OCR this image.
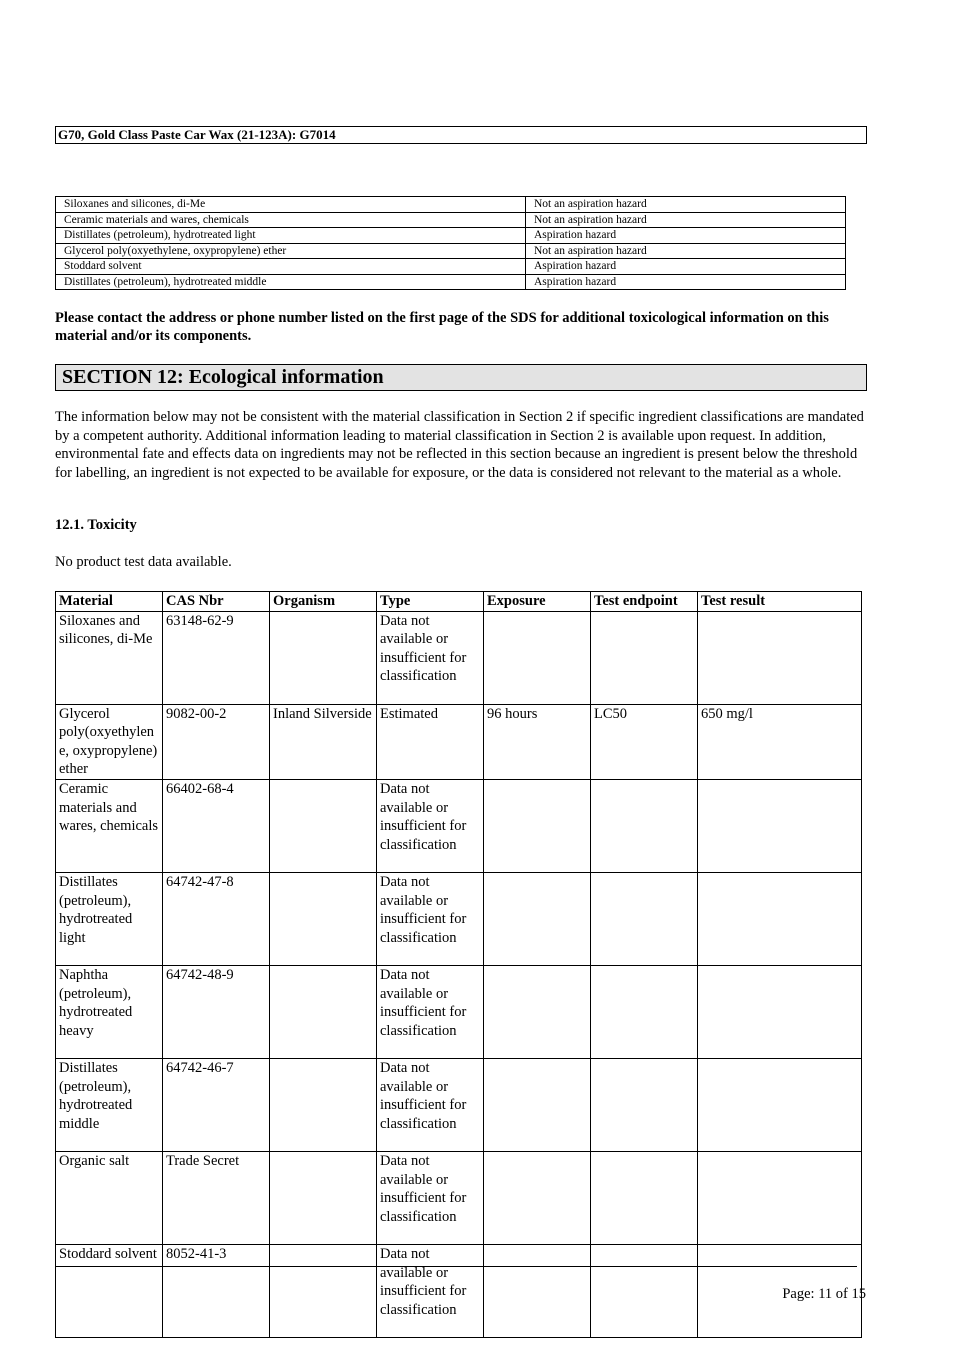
G70, Gold Class Paste Car Wax (21-123A): G7014
Siloxanes and silicones, di-Me	Not an aspiration hazard
Ceramic materials and wares, chemicals	Not an aspiration hazard
Distillates (petroleum), hydrotreated light	Aspiration hazard
Glycerol poly(oxyethylene, oxypropylene) ether	Not an aspiration hazard
Stoddard solvent	Aspiration hazard
Distillates (petroleum), hydrotreated middle	Aspiration hazard

Please contact the address or phone number listed on the first page of the SDS for additional toxicological information on this material and/or its components.

SECTION 12: Ecological information

The information below may not be consistent with the material classification in Section 2 if specific ingredient classifications are mandated by a competent authority. Additional information leading to material classification in Section 2 is available upon request. In addition, environmental fate and effects data on ingredients may not be reflected in this section because an ingredient is present below the threshold for labelling, an ingredient is not expected to be available for exposure, or the data is considered not relevant to the material as a whole.

12.1. Toxicity

No product test data available.

Material	CAS Nbr	Organism	Type	Exposure	Test endpoint	Test result
Siloxanes and silicones, di-Me	63148-62-9		Data not available or insufficient for classification			
Glycerol poly(oxyethylene, oxypropylene) ether	9082-00-2	Inland Silverside	Estimated	96 hours	LC50	650 mg/l
Ceramic materials and wares, chemicals	66402-68-4		Data not available or insufficient for classification			
Distillates (petroleum), hydrotreated light	64742-47-8		Data not available or insufficient for classification			
Naphtha (petroleum), hydrotreated heavy	64742-48-9		Data not available or insufficient for classification			
Distillates (petroleum), hydrotreated middle	64742-46-7		Data not available or insufficient for classification			
Organic salt	Trade Secret		Data not available or insufficient for classification			
Stoddard solvent	8052-41-3		Data not available or insufficient for classification			
Page: 11 of 15
